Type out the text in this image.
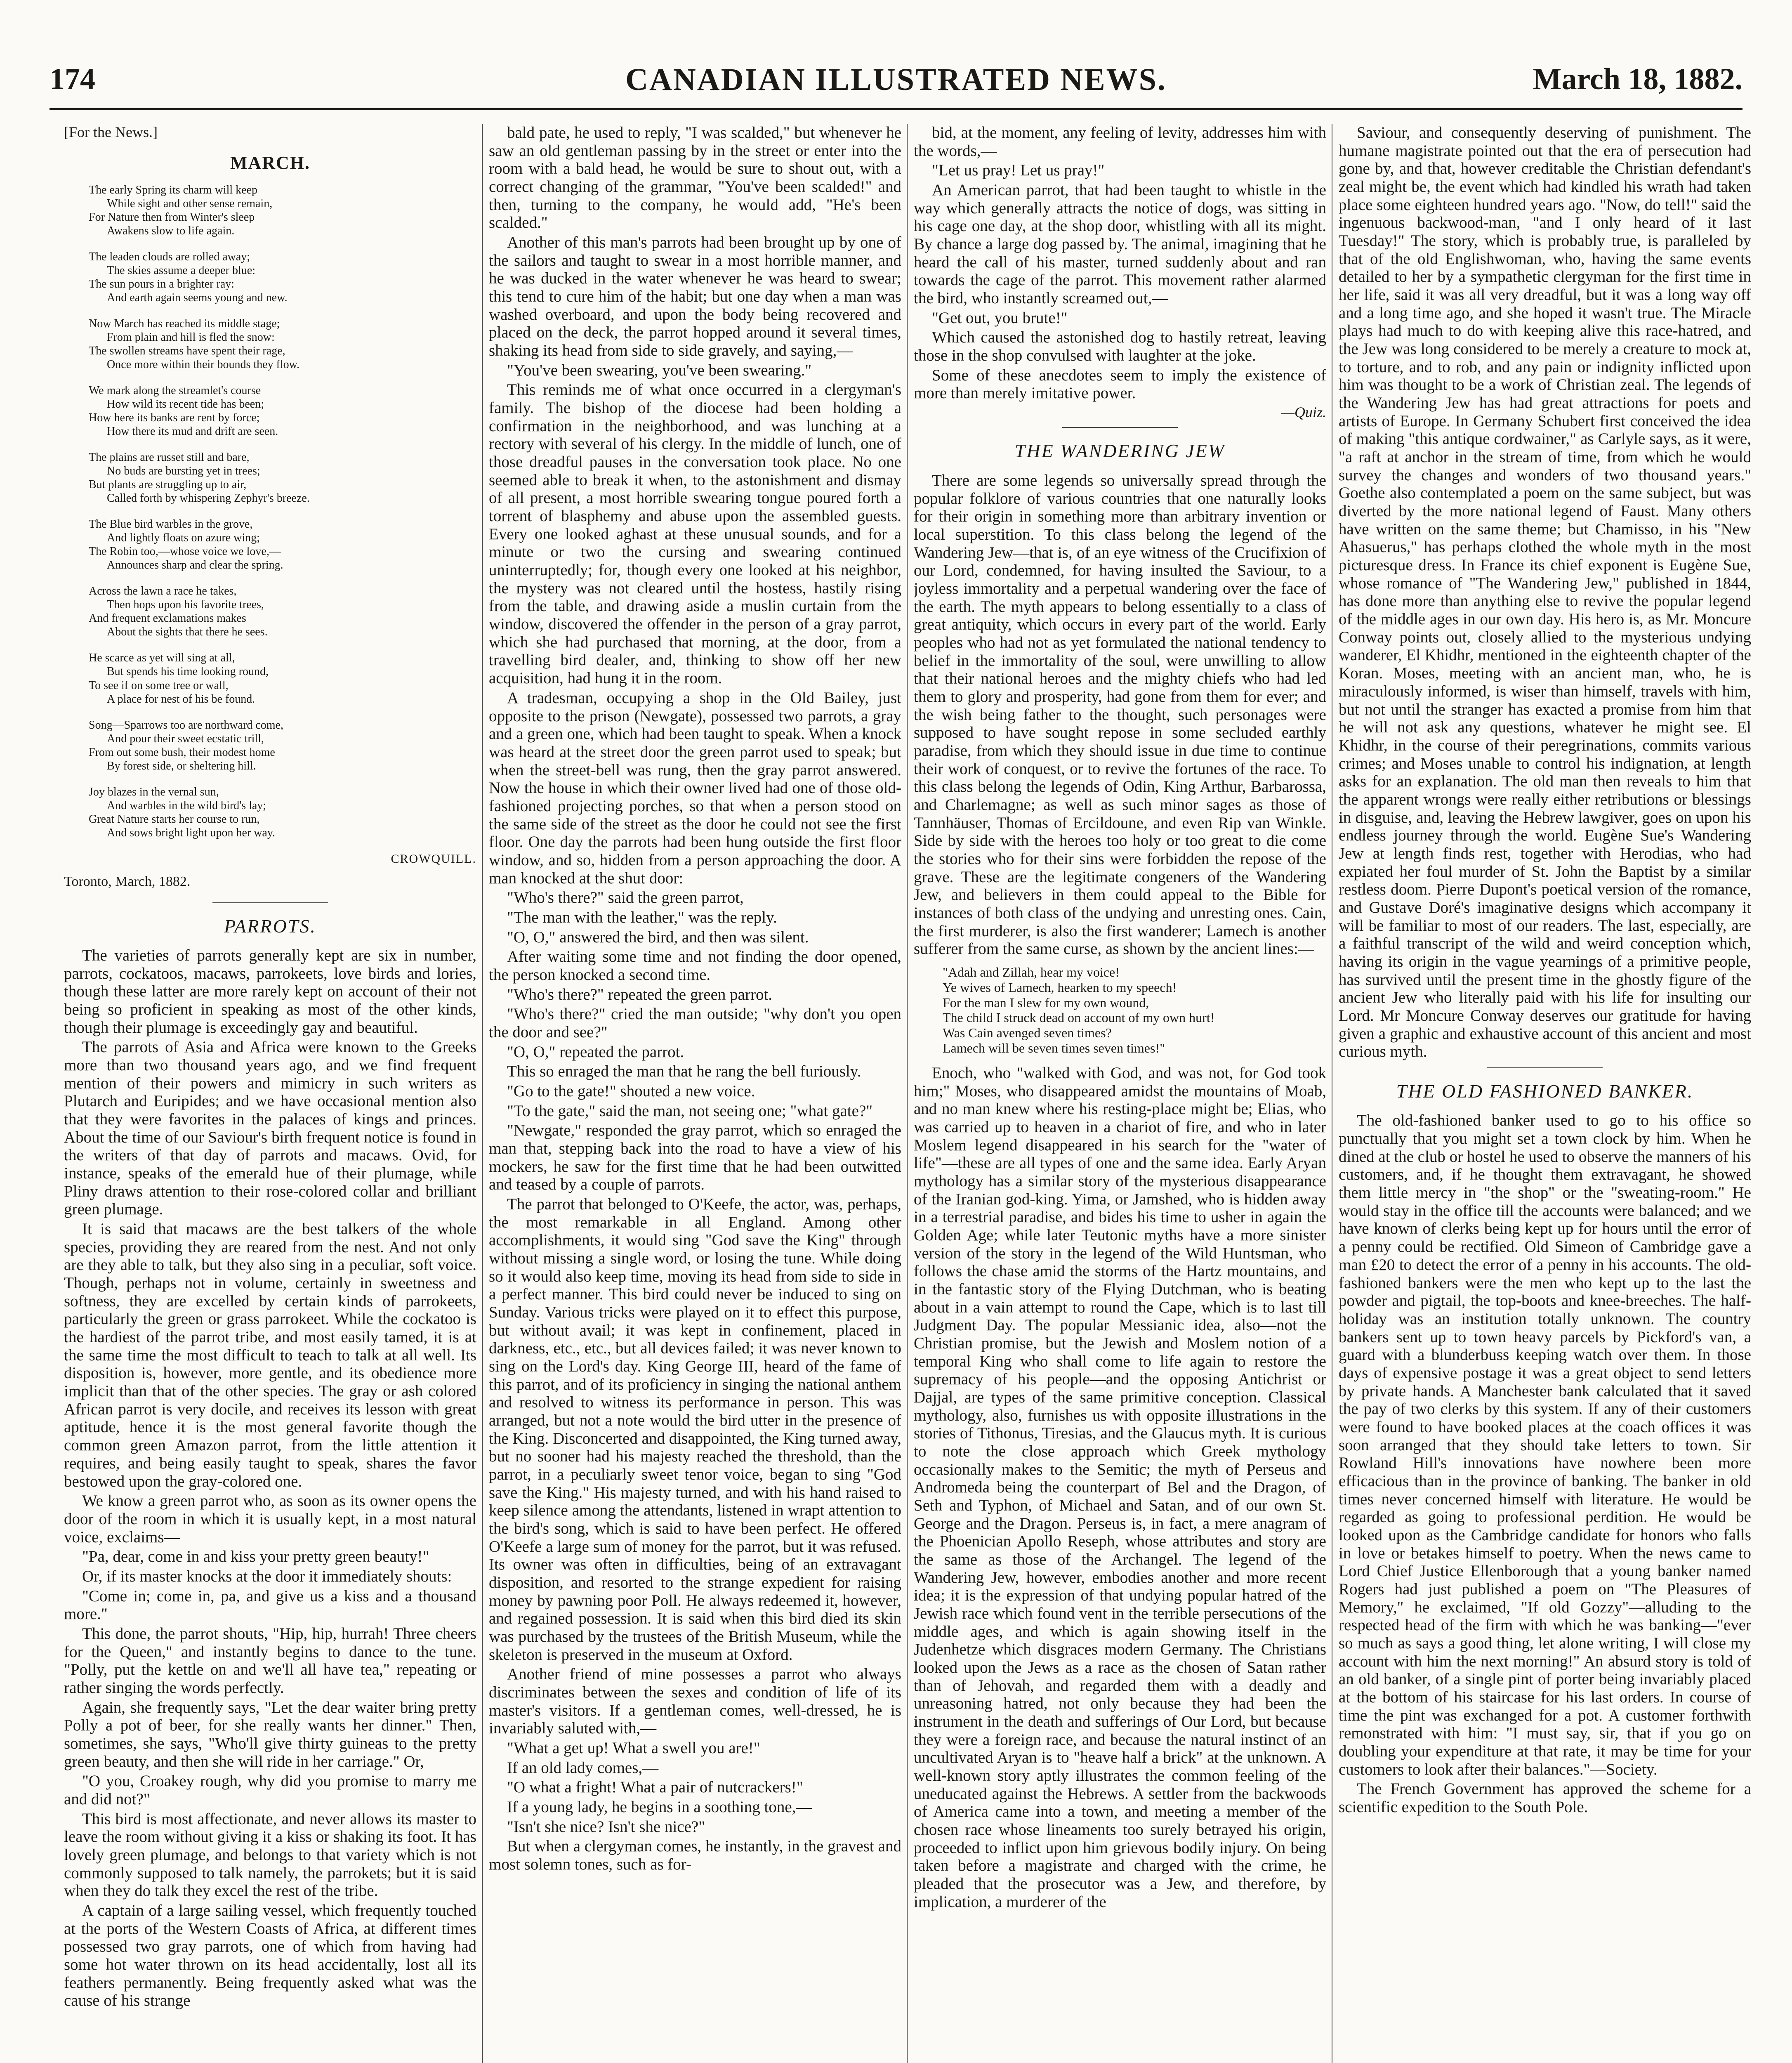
174	CANADIAN ILLUSTRATED NEWS.	March 18, 1882.
[For the News.]
MARCH.
The early Spring its charm will keep
While sight and other sense remain,
For Nature then from Winter's sleep
Awakens slow to life again.
The leaden clouds are rolled away;
The skies assume a deeper blue:
The sun pours in a brighter ray:
And earth again seems young and new.
Now March has reached its middle stage;
From plain and hill is fled the snow:
The swollen streams have spent their rage,
Once more within their bounds they flow.
We mark along the streamlet's course
How wild its recent tide has been;
How here its banks are rent by force;
How there its mud and drift are seen.
The plains are russet still and bare,
No buds are bursting yet in trees;
But plants are struggling up to air,
Called forth by whispering Zephyr's breeze.
The Blue bird warbles in the grove,
And lightly floats on azure wing;
The Robin too,—whose voice we love,—
Announces sharp and clear the spring.
Across the lawn a race he takes,
Then hops upon his favorite trees,
And frequent exclamations makes
About the sights that there he sees.
He scarce as yet will sing at all,
But spends his time looking round,
To see if on some tree or wall,
A place for nest of his be found.
Song—Sparrows too are northward come,
And pour their sweet ecstatic trill,
From out some bush, their modest home
By forest side, or sheltering hill.
Joy blazes in the vernal sun,
And warbles in the wild bird's lay;
Great Nature starts her course to run,
And sows bright light upon her way.
CROWQUILL.
Toronto, March, 1882.
PARROTS.

The varieties of parrots generally kept are six in number, parrots, cockatoos, macaws, parrokeets, love birds and lories, though these latter are more rarely kept on account of their not being so proficient in speaking as most of the other kinds, though their plumage is exceedingly gay and beautiful.

The parrots of Asia and Africa were known to the Greeks more than two thousand years ago, and we find frequent mention of their powers and mimicry in such writers as Plutarch and Euripides; and we have occasional mention also that they were favorites in the palaces of kings and princes. About the time of our Saviour's birth frequent notice is found in the writers of that day of parrots and macaws. Ovid, for instance, speaks of the emerald hue of their plumage, while Pliny draws attention to their rose-colored collar and brilliant green plumage.

It is said that macaws are the best talkers of the whole species, providing they are reared from the nest. And not only are they able to talk, but they also sing in a peculiar, soft voice. Though, perhaps not in volume, certainly in sweetness and softness, they are excelled by certain kinds of parrokeets, particularly the green or grass parrokeet. While the cockatoo is the hardiest of the parrot tribe, and most easily tamed, it is at the same time the most difficult to teach to talk at all well. Its disposition is, however, more gentle, and its obedience more implicit than that of the other species. The gray or ash colored African parrot is very docile, and receives its lesson with great aptitude, hence it is the most general favorite though the common green Amazon parrot, from the little attention it requires, and being easily taught to speak, shares the favor bestowed upon the gray-colored one.

We know a green parrot who, as soon as its owner opens the door of the room in which it is usually kept, in a most natural voice, exclaims—

"Pa, dear, come in and kiss your pretty green beauty!"

Or, if its master knocks at the door it immediately shouts:

"Come in; come in, pa, and give us a kiss and a thousand more."

This done, the parrot shouts, "Hip, hip, hurrah! Three cheers for the Queen," and instantly begins to dance to the tune. "Polly, put the kettle on and we'll all have tea," repeating or rather singing the words perfectly.

Again, she frequently says, "Let the dear waiter bring pretty Polly a pot of beer, for she really wants her dinner." Then, sometimes, she says, "Who'll give thirty guineas to the pretty green beauty, and then she will ride in her carriage." Or,

"O you, Croakey rough, why did you promise to marry me and did not?"

This bird is most affectionate, and never allows its master to leave the room without giving it a kiss or shaking its foot. It has lovely green plumage, and belongs to that variety which is not commonly supposed to talk namely, the parrokets; but it is said when they do talk they excel the rest of the tribe.

A captain of a large sailing vessel, which frequently touched at the ports of the Western Coasts of Africa, at different times possessed two gray parrots, one of which from having had some hot water thrown on its head accidentally, lost all its feathers permanently. Being frequently asked what was the cause of his strange

bald pate, he used to reply, "I was scalded," but whenever he saw an old gentleman passing by in the street or enter into the room with a bald head, he would be sure to shout out, with a correct changing of the grammar, "You've been scalded!" and then, turning to the company, he would add, "He's been scalded."

Another of this man's parrots had been brought up by one of the sailors and taught to swear in a most horrible manner, and he was ducked in the water whenever he was heard to swear; this tend to cure him of the habit; but one day when a man was washed overboard, and upon the body being recovered and placed on the deck, the parrot hopped around it several times, shaking its head from side to side gravely, and saying,—

"You've been swearing, you've been swearing."

This reminds me of what once occurred in a clergyman's family. The bishop of the diocese had been holding a confirmation in the neighborhood, and was lunching at a rectory with several of his clergy. In the middle of lunch, one of those dreadful pauses in the conversation took place. No one seemed able to break it when, to the astonishment and dismay of all present, a most horrible swearing tongue poured forth a torrent of blasphemy and abuse upon the assembled guests. Every one looked aghast at these unusual sounds, and for a minute or two the cursing and swearing continued uninterruptedly; for, though every one looked at his neighbor, the mystery was not cleared until the hostess, hastily rising from the table, and drawing aside a muslin curtain from the window, discovered the offender in the person of a gray parrot, which she had purchased that morning, at the door, from a travelling bird dealer, and, thinking to show off her new acquisition, had hung it in the room.

A tradesman, occupying a shop in the Old Bailey, just opposite to the prison (Newgate), possessed two parrots, a gray and a green one, which had been taught to speak. When a knock was heard at the street door the green parrot used to speak; but when the street-bell was rung, then the gray parrot answered. Now the house in which their owner lived had one of those old-fashioned projecting porches, so that when a person stood on the same side of the street as the door he could not see the first floor. One day the parrots had been hung outside the first floor window, and so, hidden from a person approaching the door. A man knocked at the shut door:

"Who's there?" said the green parrot,

"The man with the leather," was the reply.

"O, O," answered the bird, and then was silent.

After waiting some time and not finding the door opened, the person knocked a second time.

"Who's there?" repeated the green parrot.

"Who's there?" cried the man outside; "why don't you open the door and see?"

"O, O," repeated the parrot.

This so enraged the man that he rang the bell furiously.

"Go to the gate!" shouted a new voice.

"To the gate," said the man, not seeing one; "what gate?"

"Newgate," responded the gray parrot, which so enraged the man that, stepping back into the road to have a view of his mockers, he saw for the first time that he had been outwitted and teased by a couple of parrots.

The parrot that belonged to O'Keefe, the actor, was, perhaps, the most remarkable in all England. Among other accomplishments, it would sing "God save the King" through without missing a single word, or losing the tune. While doing so it would also keep time, moving its head from side to side in a perfect manner. This bird could never be induced to sing on Sunday. Various tricks were played on it to effect this purpose, but without avail; it was kept in confinement, placed in darkness, etc., etc., but all devices failed; it was never known to sing on the Lord's day. King George III, heard of the fame of this parrot, and of its proficiency in singing the national anthem and resolved to witness its performance in person. This was arranged, but not a note would the bird utter in the presence of the King. Disconcerted and disappointed, the King turned away, but no sooner had his majesty reached the threshold, than the parrot, in a peculiarly sweet tenor voice, began to sing "God save the King." His majesty turned, and with his hand raised to keep silence among the attendants, listened in wrapt attention to the bird's song, which is said to have been perfect. He offered O'Keefe a large sum of money for the parrot, but it was refused. Its owner was often in difficulties, being of an extravagant disposition, and resorted to the strange expedient for raising money by pawning poor Poll. He always redeemed it, however, and regained possession. It is said when this bird died its skin was purchased by the trustees of the British Museum, while the skeleton is preserved in the museum at Oxford.

Another friend of mine possesses a parrot who always discriminates between the sexes and condition of life of its master's visitors. If a gentleman comes, well-dressed, he is invariably saluted with,—

"What a get up! What a swell you are!"

If an old lady comes,—

"O what a fright! What a pair of nutcrackers!"

If a young lady, he begins in a soothing tone,—

"Isn't she nice? Isn't she nice?"

But when a clergyman comes, he instantly, in the gravest and most solemn tones, such as for-

bid, at the moment, any feeling of levity, addresses him with the words,—

"Let us pray! Let us pray!"

An American parrot, that had been taught to whistle in the way which generally attracts the notice of dogs, was sitting in his cage one day, at the shop door, whistling with all its might. By chance a large dog passed by. The animal, imagining that he heard the call of his master, turned suddenly about and ran towards the cage of the parrot. This movement rather alarmed the bird, who instantly screamed out,—

"Get out, you brute!"

Which caused the astonished dog to hastily retreat, leaving those in the shop convulsed with laughter at the joke.

Some of these anecdotes seem to imply the existence of more than merely imitative power.

—Quiz.
THE WANDERING JEW

There are some legends so universally spread through the popular folklore of various countries that one naturally looks for their origin in something more than arbitrary invention or local superstition. To this class belong the legend of the Wandering Jew—that is, of an eye witness of the Crucifixion of our Lord, condemned, for having insulted the Saviour, to a joyless immortality and a perpetual wandering over the face of the earth. The myth appears to belong essentially to a class of great antiquity, which occurs in every part of the world. Early peoples who had not as yet formulated the national tendency to belief in the immortality of the soul, were unwilling to allow that their national heroes and the mighty chiefs who had led them to glory and prosperity, had gone from them for ever; and the wish being father to the thought, such personages were supposed to have sought repose in some secluded earthly paradise, from which they should issue in due time to continue their work of conquest, or to revive the fortunes of the race. To this class belong the legends of Odin, King Arthur, Barbarossa, and Charlemagne; as well as such minor sages as those of Tannhäuser, Thomas of Ercildoune, and even Rip van Winkle. Side by side with the heroes too holy or too great to die come the stories who for their sins were forbidden the repose of the grave. These are the legitimate congeners of the Wandering Jew, and believers in them could appeal to the Bible for instances of both class of the undying and unresting ones. Cain, the first murderer, is also the first wanderer; Lamech is another sufferer from the same curse, as shown by the ancient lines:—

"Adah and Zillah, hear my voice!
Ye wives of Lamech, hearken to my speech!
For the man I slew for my own wound,
The child I struck dead on account of my own hurt!
Was Cain avenged seven times?
Lamech will be seven times seven times!"

Enoch, who "walked with God, and was not, for God took him;" Moses, who disappeared amidst the mountains of Moab, and no man knew where his resting-place might be; Elias, who was carried up to heaven in a chariot of fire, and who in later Moslem legend disappeared in his search for the "water of life"—these are all types of one and the same idea. Early Aryan mythology has a similar story of the mysterious disappearance of the Iranian god-king. Yima, or Jamshed, who is hidden away in a terrestrial paradise, and bides his time to usher in again the Golden Age; while later Teutonic myths have a more sinister version of the story in the legend of the Wild Huntsman, who follows the chase amid the storms of the Hartz mountains, and in the fantastic story of the Flying Dutchman, who is beating about in a vain attempt to round the Cape, which is to last till Judgment Day. The popular Messianic idea, also—not the Christian promise, but the Jewish and Moslem notion of a temporal King who shall come to life again to restore the supremacy of his people—and the opposing Antichrist or Dajjal, are types of the same primitive conception. Classical mythology, also, furnishes us with opposite illustrations in the stories of Tithonus, Tiresias, and the Glaucus myth. It is curious to note the close approach which Greek mythology occasionally makes to the Semitic; the myth of Perseus and Andromeda being the counterpart of Bel and the Dragon, of Seth and Typhon, of Michael and Satan, and of our own St. George and the Dragon. Perseus is, in fact, a mere anagram of the Phoenician Apollo Reseph, whose attributes and story are the same as those of the Archangel. The legend of the Wandering Jew, however, embodies another and more recent idea; it is the expression of that undying popular hatred of the Jewish race which found vent in the terrible persecutions of the middle ages, and which is again showing itself in the Judenhetze which disgraces modern Germany. The Christians looked upon the Jews as a race as the chosen of Satan rather than of Jehovah, and regarded them with a deadly and unreasoning hatred, not only because they had been the instrument in the death and sufferings of Our Lord, but because they were a foreign race, and because the natural instinct of an uncultivated Aryan is to "heave half a brick" at the unknown. A well-known story aptly illustrates the common feeling of the uneducated against the Hebrews. A settler from the backwoods of America came into a town, and meeting a member of the chosen race whose lineaments too surely betrayed his origin, proceeded to inflict upon him grievous bodily injury. On being taken before a magistrate and charged with the crime, he pleaded that the prosecutor was a Jew, and therefore, by implication, a murderer of the

Saviour, and consequently deserving of punishment. The humane magistrate pointed out that the era of persecution had gone by, and that, however creditable the Christian defendant's zeal might be, the event which had kindled his wrath had taken place some eighteen hundred years ago. "Now, do tell!" said the ingenuous backwood-man, "and I only heard of it last Tuesday!" The story, which is probably true, is paralleled by that of the old Englishwoman, who, having the same events detailed to her by a sympathetic clergyman for the first time in her life, said it was all very dreadful, but it was a long way off and a long time ago, and she hoped it wasn't true. The Miracle plays had much to do with keeping alive this race-hatred, and the Jew was long considered to be merely a creature to mock at, to torture, and to rob, and any pain or indignity inflicted upon him was thought to be a work of Christian zeal. The legends of the Wandering Jew has had great attractions for poets and artists of Europe. In Germany Schubert first conceived the idea of making "this antique cordwainer," as Carlyle says, as it were, "a raft at anchor in the stream of time, from which he would survey the changes and wonders of two thousand years." Goethe also contemplated a poem on the same subject, but was diverted by the more national legend of Faust. Many others have written on the same theme; but Chamisso, in his "New Ahasuerus," has perhaps clothed the whole myth in the most picturesque dress. In France its chief exponent is Eugène Sue, whose romance of "The Wandering Jew," published in 1844, has done more than anything else to revive the popular legend of the middle ages in our own day. His hero is, as Mr. Moncure Conway points out, closely allied to the mysterious undying wanderer, El Khidhr, mentioned in the eighteenth chapter of the Koran. Moses, meeting with an ancient man, who, he is miraculously informed, is wiser than himself, travels with him, but not until the stranger has exacted a promise from him that he will not ask any questions, whatever he might see. El Khidhr, in the course of their peregrinations, commits various crimes; and Moses unable to control his indignation, at length asks for an explanation. The old man then reveals to him that the apparent wrongs were really either retributions or blessings in disguise, and, leaving the Hebrew lawgiver, goes on upon his endless journey through the world. Eugène Sue's Wandering Jew at length finds rest, together with Herodias, who had expiated her foul murder of St. John the Baptist by a similar restless doom. Pierre Dupont's poetical version of the romance, and Gustave Doré's imaginative designs which accompany it will be familiar to most of our readers. The last, especially, are a faithful transcript of the wild and weird conception which, having its origin in the vague yearnings of a primitive people, has survived until the present time in the ghostly figure of the ancient Jew who literally paid with his life for insulting our Lord. Mr Moncure Conway deserves our gratitude for having given a graphic and exhaustive account of this ancient and most curious myth.

THE OLD FASHIONED BANKER.

The old-fashioned banker used to go to his office so punctually that you might set a town clock by him. When he dined at the club or hostel he used to observe the manners of his customers, and, if he thought them extravagant, he showed them little mercy in "the shop" or the "sweating-room." He would stay in the office till the accounts were balanced; and we have known of clerks being kept up for hours until the error of a penny could be rectified. Old Simeon of Cambridge gave a man £20 to detect the error of a penny in his accounts. The old-fashioned bankers were the men who kept up to the last the powder and pigtail, the top-boots and knee-breeches. The half-holiday was an institution totally unknown. The country bankers sent up to town heavy parcels by Pickford's van, a guard with a blunderbuss keeping watch over them. In those days of expensive postage it was a great object to send letters by private hands. A Manchester bank calculated that it saved the pay of two clerks by this system. If any of their customers were found to have booked places at the coach offices it was soon arranged that they should take letters to town. Sir Rowland Hill's innovations have nowhere been more efficacious than in the province of banking. The banker in old times never concerned himself with literature. He would be regarded as going to professional perdition. He would be looked upon as the Cambridge candidate for honors who falls in love or betakes himself to poetry. When the news came to Lord Chief Justice Ellenborough that a young banker named Rogers had just published a poem on "The Pleasures of Memory," he exclaimed, "If old Gozzy"—alluding to the respected head of the firm with which he was banking—"ever so much as says a good thing, let alone writing, I will close my account with him the next morning!" An absurd story is told of an old banker, of a single pint of porter being invariably placed at the bottom of his staircase for his last orders. In course of time the pint was exchanged for a pot. A customer forthwith remonstrated with him: "I must say, sir, that if you go on doubling your expenditure at that rate, it may be time for your customers to look after their balances."—Society.

The French Government has approved the scheme for a scientific expedition to the South Pole.
